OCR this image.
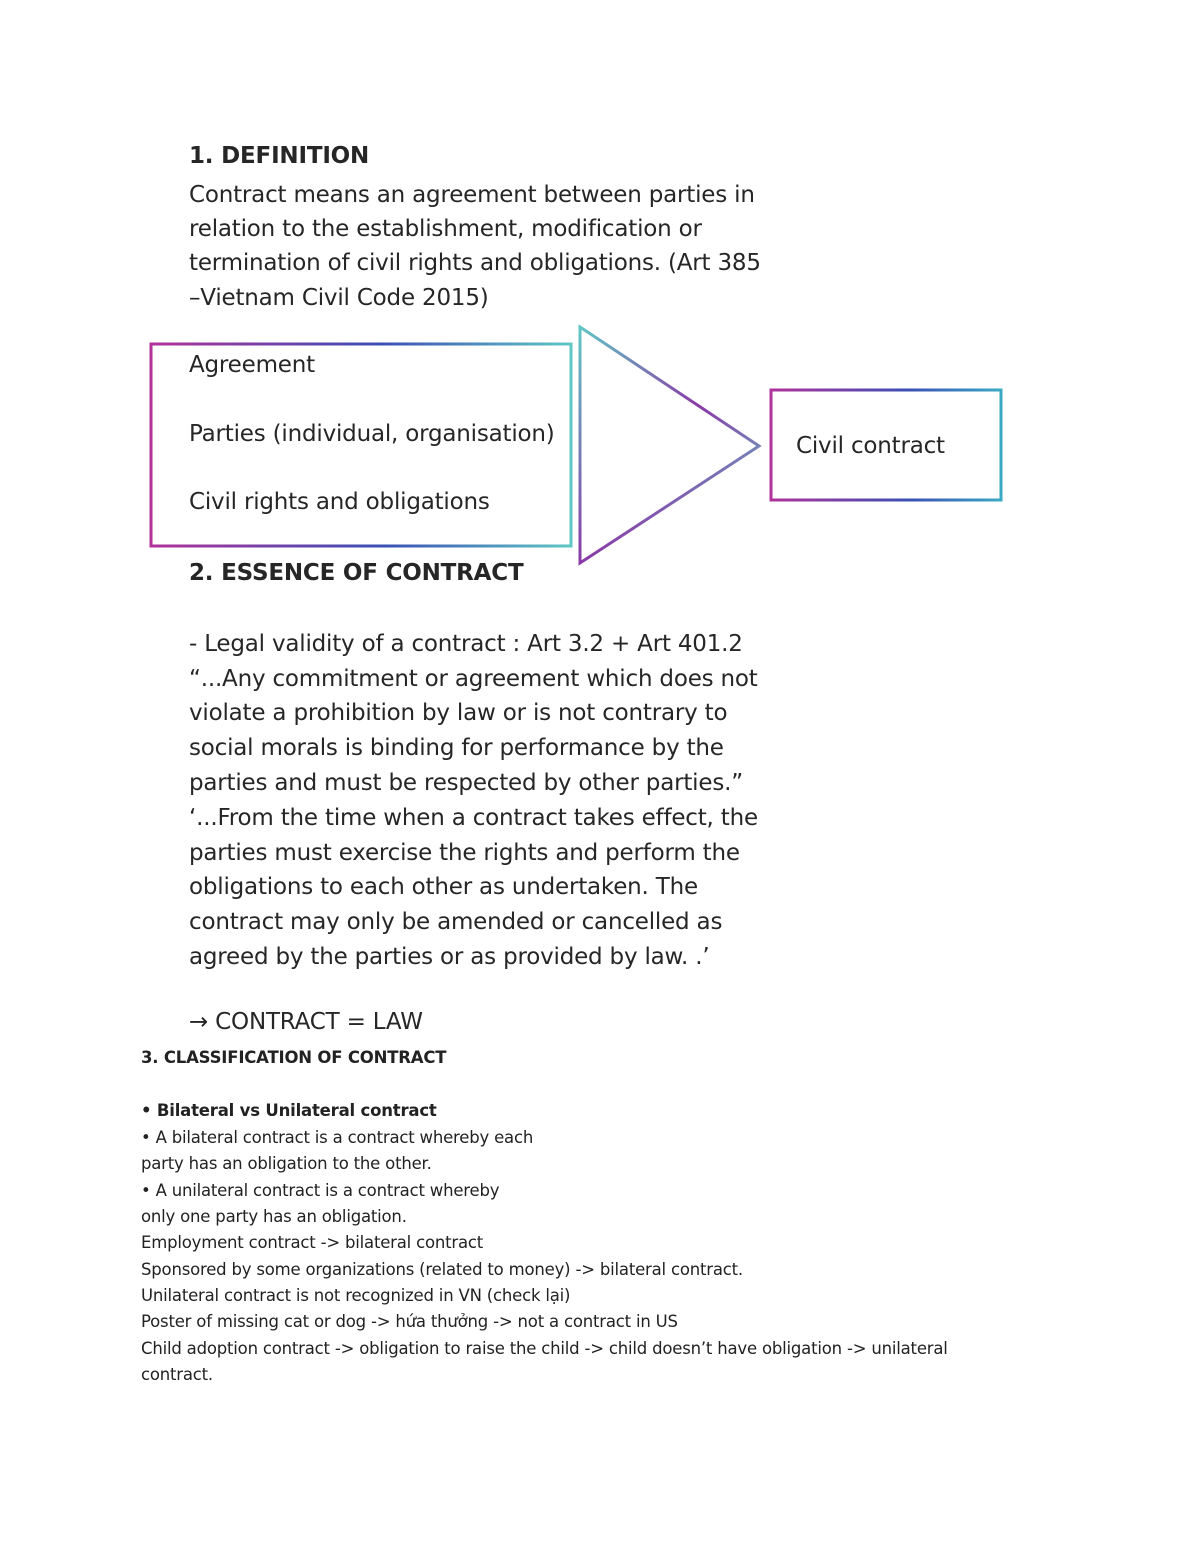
1. DEFINITION
Contract means an agreement between parties in
relation to the establishment, modification or
termination of civil rights and obligations. (Art 385
–Vietnam Civil Code 2015)
Agreement
Parties (individual, organisation)
Civil rights and obligations
Civil contract
2. ESSENCE OF CONTRACT
- Legal validity of a contract : Art 3.2 + Art 401.2
“...Any commitment or agreement which does not
violate a prohibition by law or is not contrary to
social morals is binding for performance by the
parties and must be respected by other parties.”
‘...From the time when a contract takes effect, the
parties must exercise the rights and perform the
obligations to each other as undertaken. The
contract may only be amended or cancelled as
agreed by the parties or as provided by law. .’
→ CONTRACT = LAW
3. CLASSIFICATION OF CONTRACT
• Bilateral vs Unilateral contract
• A bilateral contract is a contract whereby each
party has an obligation to the other.
• A unilateral contract is a contract whereby
only one party has an obligation.
Employment contract -> bilateral contract
Sponsored by some organizations (related to money) -> bilateral contract.
Unilateral contract is not recognized in VN (check lại)
Poster of missing cat or dog -> hứa thưởng -> not a contract in US
Child adoption contract -> obligation to raise the child -> child doesn’t have obligation -> unilateral
contract.
